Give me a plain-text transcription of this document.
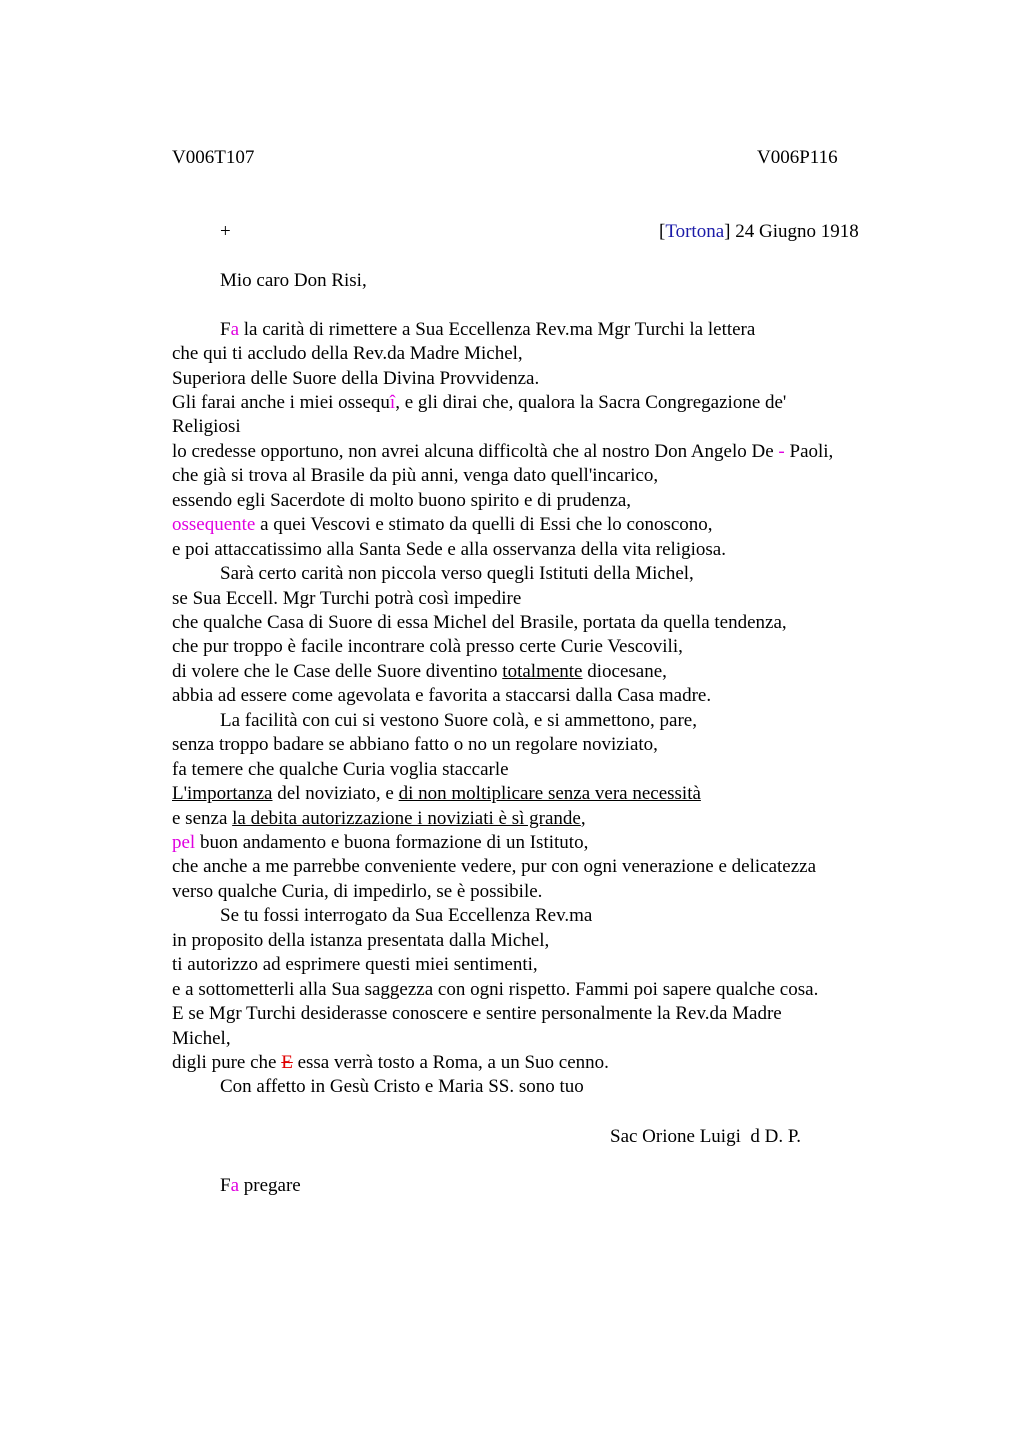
V006T107	V006P116
+	[Tortona] 24 Giugno 1918
Mio caro Don Risi,
Fa la carità di rimettere a Sua Eccellenza Rev.ma Mgr Turchi la lettera
che qui ti accludo della Rev.da Madre Michel,
Superiora delle Suore della Divina Provvidenza.
Gli farai anche i miei ossequî, e gli dirai che, qualora la Sacra Congregazione de'
Religiosi
lo credesse opportuno, non avrei alcuna difficoltà che al nostro Don Angelo De - Paoli,
che già si trova al Brasile da più anni, venga dato quell'incarico,
essendo egli Sacerdote di molto buono spirito e di prudenza,
ossequente a quei Vescovi e stimato da quelli di Essi che lo conoscono,
e poi attaccatissimo alla Santa Sede e alla osservanza della vita religiosa.
Sarà certo carità non piccola verso quegli Istituti della Michel,
se Sua Eccell. Mgr Turchi potrà così impedire
che qualche Casa di Suore di essa Michel del Brasile, portata da quella tendenza,
che pur troppo è facile incontrare colà presso certe Curie Vescovili,
di volere che le Case delle Suore diventino totalmente diocesane,
abbia ad essere come agevolata e favorita a staccarsi dalla Casa madre.
La facilità con cui si vestono Suore colà, e si ammettono, pare,
senza troppo badare se abbiano fatto o no un regolare noviziato,
fa temere che qualche Curia voglia staccarle
L'importanza del noviziato, e di non moltiplicare senza vera necessità
e senza la debita autorizzazione i noviziati è sì grande,
pel buon andamento e buona formazione di un Istituto,
che anche a me parrebbe conveniente vedere, pur con ogni venerazione e delicatezza
verso qualche Curia, di impedirlo, se è possibile.
Se tu fossi interrogato da Sua Eccellenza Rev.ma
in proposito della istanza presentata dalla Michel,
ti autorizzo ad esprimere questi miei sentimenti,
e a sottometterli alla Sua saggezza con ogni rispetto. Fammi poi sapere qualche cosa.
E se Mgr Turchi desiderasse conoscere e sentire personalmente la Rev.da Madre
Michel,
digli pure che E essa verrà tosto a Roma, a un Suo cenno.
Con affetto in Gesù Cristo e Maria SS. sono tuo
Sac Orione Luigi  d D. P.
Fa pregare
